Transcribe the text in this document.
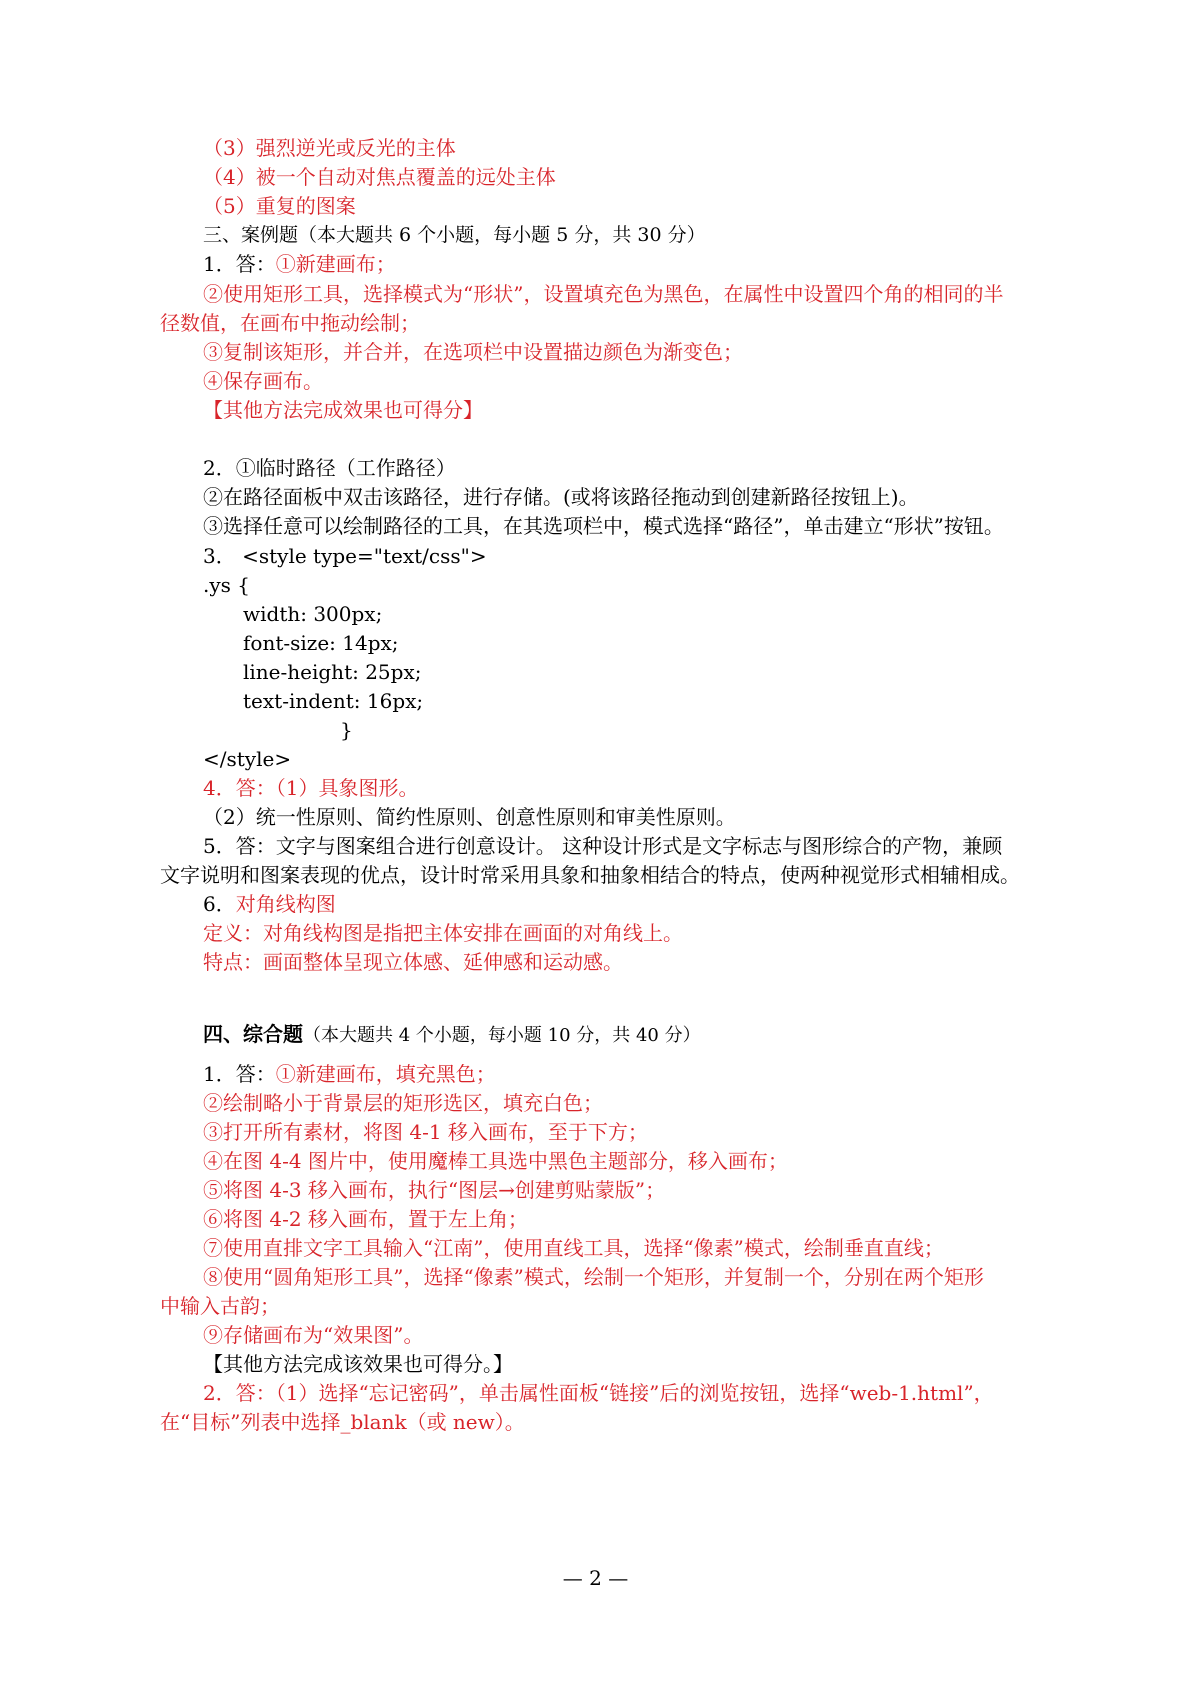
（3）强烈逆光或反光的主体
（4）被一个自动对焦点覆盖的远处主体
（5）重复的图案
三、案例题（本大题共 6 个小题，每小题 5 分，共 30 分）
1．答：①新建画布；
②使用矩形工具，选择模式为“形状”，设置填充色为黑色，在属性中设置四个角的相同的半
径数值，在画布中拖动绘制；
③复制该矩形，并合并，在选项栏中设置描边颜色为渐变色；
④保存画布。
【其他方法完成效果也可得分】
2．①临时路径（工作路径）
②在路径面板中双击该路径，进行存储。(或将该路径拖动到创建新路径按钮上)。
③选择任意可以绘制路径的工具，在其选项栏中，模式选择“路径”，单击建立“形状”按钮。
3． <style type="text/css">
.ys {
width: 300px;
font-size: 14px;
line-height: 25px;
text-indent: 16px;
}
</style>
4．答：（1）具象图形。
（2）统一性原则、简约性原则、创意性原则和审美性原则。
5．答：文字与图案组合进行创意设计。 这种设计形式是文字标志与图形综合的产物，兼顾
文字说明和图案表现的优点，设计时常采用具象和抽象相结合的特点，使两种视觉形式相辅相成。
6．对角线构图
定义：对角线构图是指把主体安排在画面的对角线上。
特点：画面整体呈现立体感、延伸感和运动感。
四、综合题（本大题共 4 个小题，每小题 10 分，共 40 分）
1．答：①新建画布，填充黑色；
②绘制略小于背景层的矩形选区，填充白色；
③打开所有素材，将图 4-1 移入画布，至于下方；
④在图 4-4 图片中，使用魔棒工具选中黑色主题部分，移入画布；
⑤将图 4-3 移入画布，执行“图层→创建剪贴蒙版”；
⑥将图 4-2 移入画布，置于左上角；
⑦使用直排文字工具输入“江南”，使用直线工具，选择“像素”模式，绘制垂直直线；
⑧使用“圆角矩形工具”，选择“像素”模式，绘制一个矩形，并复制一个，分别在两个矩形
中输入古韵；
⑨存储画布为“效果图”。
【其他方法完成该效果也可得分。】
2．答：（1）选择“忘记密码”，单击属性面板“链接”后的浏览按钮，选择“web-1.html”，
在“目标”列表中选择_blank（或 new）。
— 2 —
